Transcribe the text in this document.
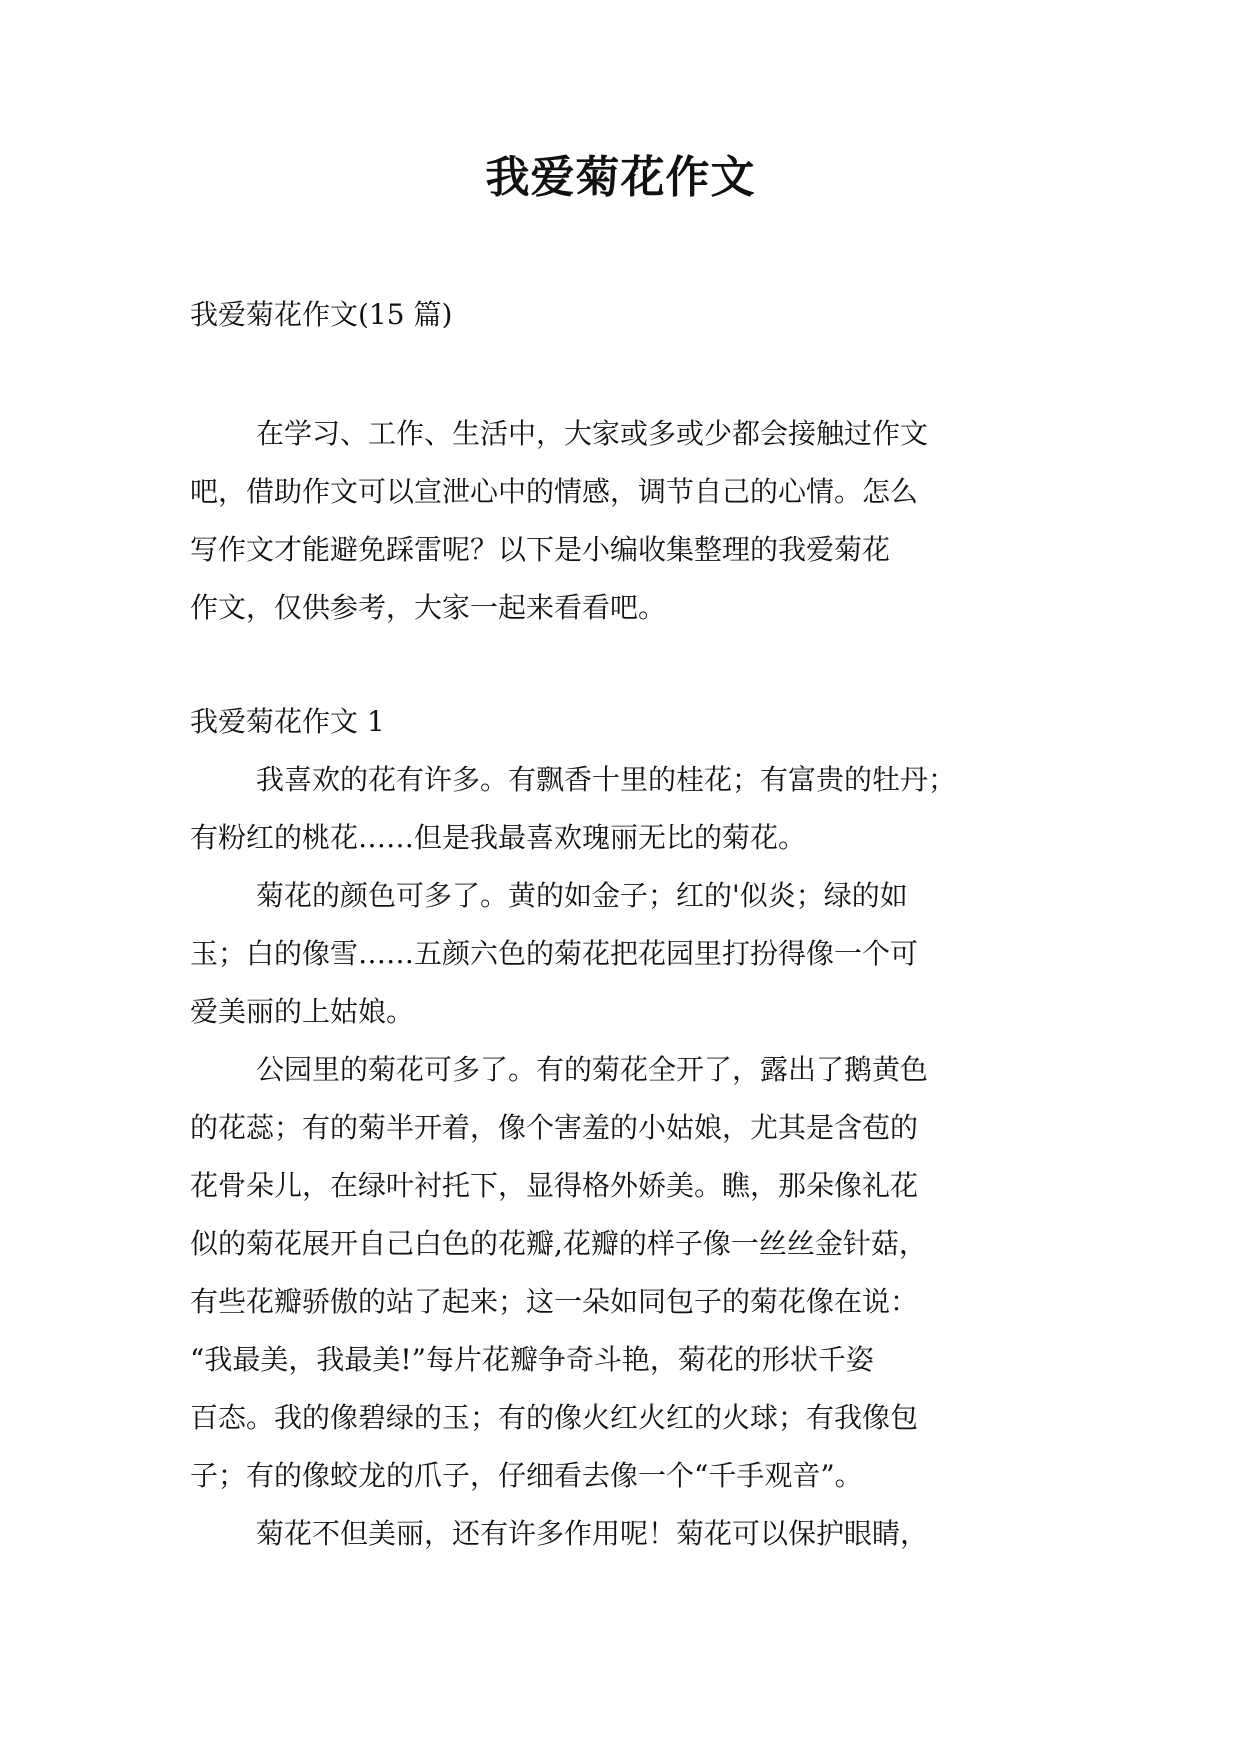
我爱菊花作文
我爱菊花作文(15 篇)
在学习、工作、生活中，大家或多或少都会接触过作文
吧，借助作文可以宣泄心中的情感，调节自己的心情。怎么
写作文才能避免踩雷呢？以下是小编收集整理的我爱菊花
作文，仅供参考，大家一起来看看吧。
我爱菊花作文 1
我喜欢的花有许多。有飘香十里的桂花；有富贵的牡丹；
有粉红的桃花……但是我最喜欢瑰丽无比的菊花。
菊花的颜色可多了。黄的如金子；红的'似炎；绿的如
玉；白的像雪……五颜六色的菊花把花园里打扮得像一个可
爱美丽的上姑娘。
公园里的菊花可多了。有的菊花全开了，露出了鹅黄色
的花蕊；有的菊半开着，像个害羞的小姑娘，尤其是含苞的
花骨朵儿，在绿叶衬托下，显得格外娇美。瞧，那朵像礼花
似的菊花展开自己白色的花瓣,花瓣的样子像一丝丝金针菇，
有些花瓣骄傲的站了起来；这一朵如同包子的菊花像在说：
“我最美，我最美!”每片花瓣争奇斗艳，菊花的形状千姿
百态。我的像碧绿的玉；有的像火红火红的火球；有我像包
子；有的像蛟龙的爪子，仔细看去像一个“千手观音”。
菊花不但美丽，还有许多作用呢！菊花可以保护眼睛，
